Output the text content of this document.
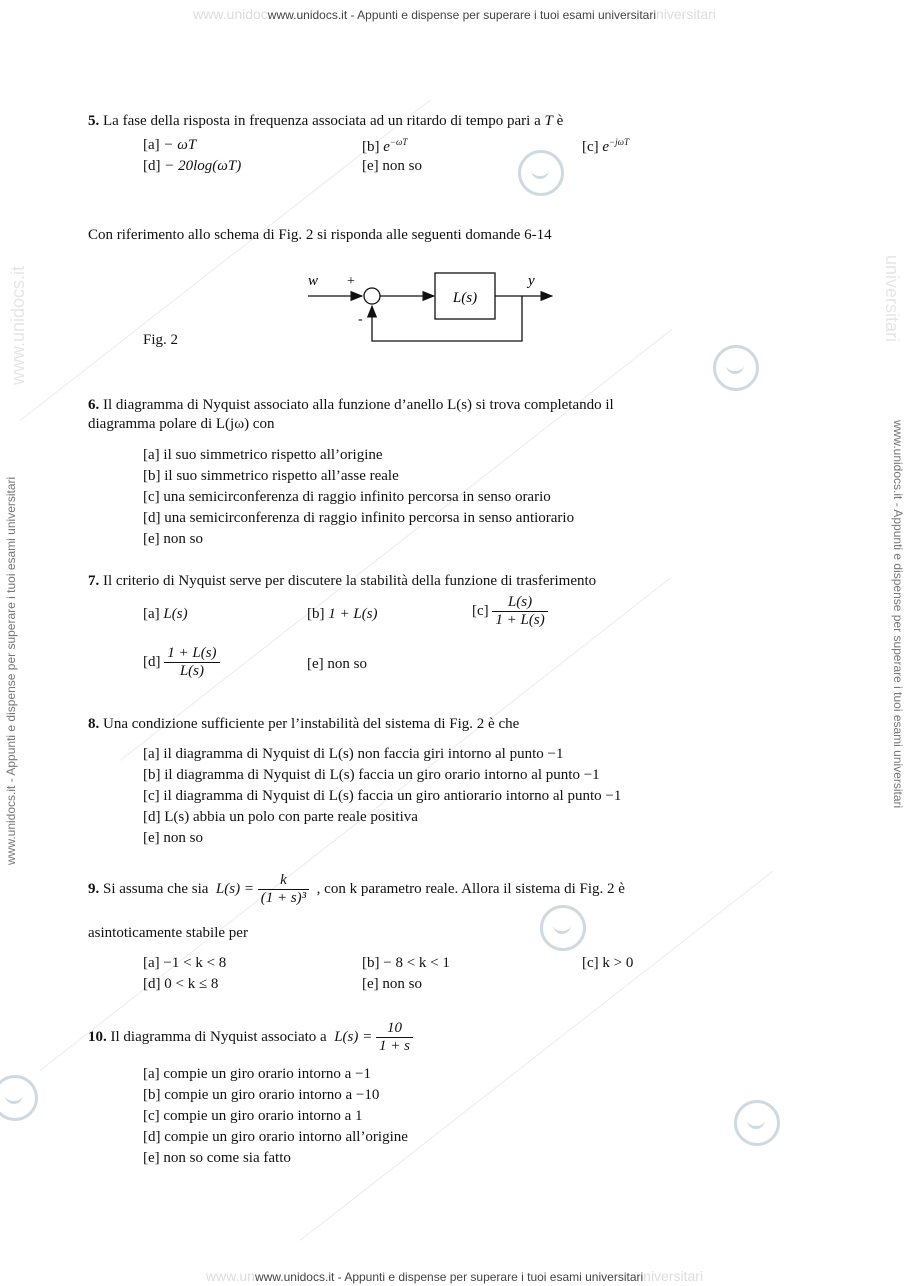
www.unidocwww.unidocs.it - Appunti e dispense per superare i tuoi esami universitariniversitari
www.unwww.unidocs.it - Appunti e dispense per superare i tuoi esami universitariniversitari
www.unidocs.it - Appunti e dispense per superare i tuoi esami universitari	www.unidocs.it - Appunti e dispense per superare i tuoi esami universitari
www.unidocs.it	universitari
5. La fase della risposta in frequenza associata ad un ritardo di tempo pari a T è
[a] − ωT	[b] $e^{-\omega T}$	[c] $e^{-j\omega T}$
[d] − 20log(ωT)	[e] non so
Con riferimento allo schema di Fig. 2 si risponda alle seguenti domande 6-14
w +
-
y
L(s)
Fig. 2
6. Il diagramma di Nyquist associato alla funzione d’anello L(s) si trova completando il
diagramma polare di L(jω) con
[a] il suo simmetrico rispetto all’origine
[b] il suo simmetrico rispetto all’asse reale
[c] una semicirconferenza di raggio infinito percorsa in senso orario
[d] una semicirconferenza di raggio infinito percorsa in senso antiorario
[e] non so
7. Il criterio di Nyquist serve per discutere la stabilità della funzione di trasferimento
[a] L(s)	[b] 1 + L(s)	$[c] \frac{L(s)}{1 + L(s)}$
$[d] \frac{1 + L(s)}{L(s)}$	[e] non so
8. Una condizione sufficiente per l’instabilità del sistema di Fig. 2 è che
[a] il diagramma di Nyquist di L(s) non faccia giri intorno al punto −1
[b] il diagramma di Nyquist di L(s) faccia un giro orario intorno al punto −1
[c] il diagramma di Nyquist di L(s) faccia un giro antiorario intorno al punto −1
[d] L(s) abbia un polo con parte reale positiva
[e] non so
9. Si assuma che sia $L(s) = \frac{k}{\text{(1 + s)³}}$ , con k parametro reale. Allora il sistema di Fig. 2 è
asintoticamente stabile per
[a] −1 < k < 8	[b] − 8 < k < 1	[c] k > 0
[d] 0 < k ≤ 8	[e] non so
10. Il diagramma di Nyquist associato a $L(s) = \frac{10}{1 + s}$
[a] compie un giro orario intorno a −1
[b] compie un giro orario intorno a −10
[c] compie un giro orario intorno a 1
[d] compie un giro orario intorno all’origine
[e] non so come sia fatto
